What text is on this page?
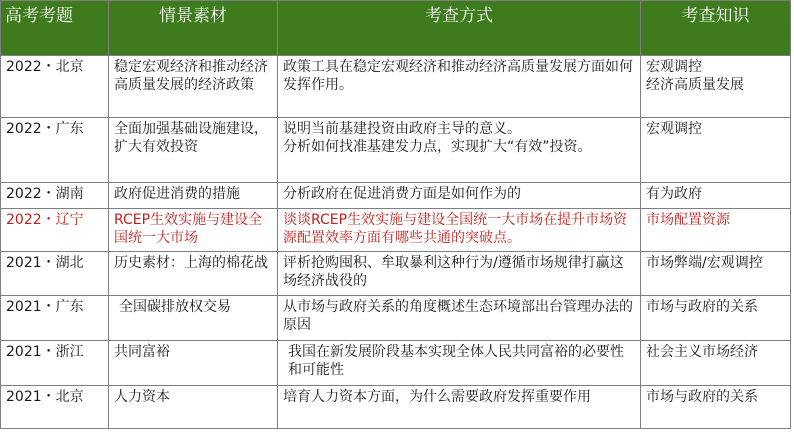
高考考题	情景素材	考查方式	考查知识
2022・北京	稳定宏观经济和推动经济高质量发展的经济政策	政策工具在稳定宏观经济和推动经济高质量发展方面如何发挥作用。	宏观调控
经济高质量发展
2022・广东	全面加强基础设施建设，扩大有效投资	说明当前基建投资由政府主导的意义。
分析如何找准基建发力点，实现扩大“有效”投资。	宏观调控
2022・湖南	政府促进消费的措施	分析政府在促进消费方面是如何作为的	有为政府
2022・辽宁	RCEP生效实施与建设全国统一大市场	谈谈RCEP生效实施与建设全国统一大市场在提升市场资源配置效率方面有哪些共通的突破点。	市场配置资源
2021・湖北	历史素材：上海的棉花战	评析抢购囤积、牟取暴利这种行为/遵循市场规律打赢这场经济战役的	市场弊端/宏观调控
2021・广东	全国碳排放权交易	从市场与政府关系的角度概述生态环境部出台管理办法的原因	市场与政府的关系
2021・浙江	共同富裕	我国在新发展阶段基本实现全体人民共同富裕的必要性和可能性	社会主义市场经济
2021・北京	人力资本	培育人力资本方面，为什么需要政府发挥重要作用	市场与政府的关系
